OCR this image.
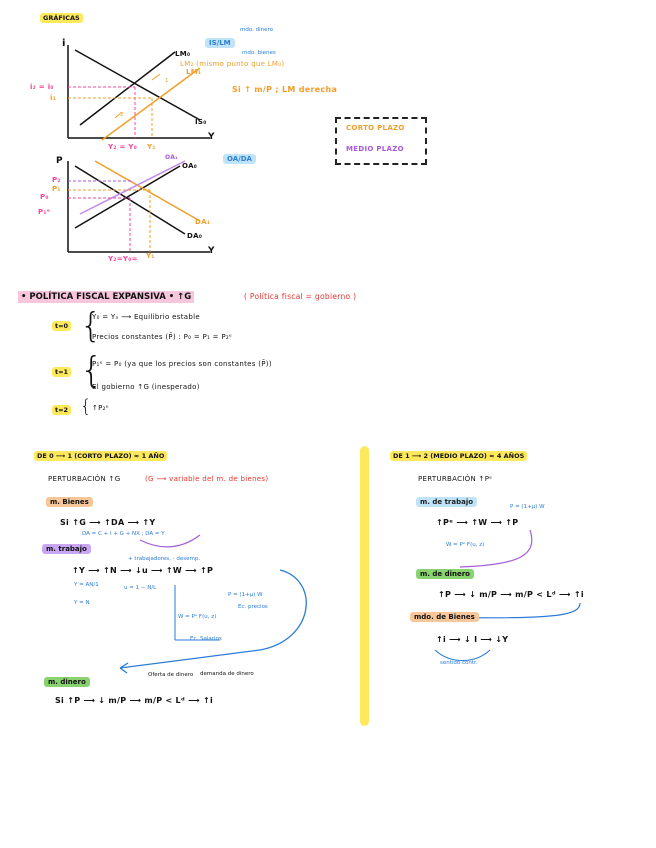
GRÁFICAS
i
Y
LM₀
LM₁
IS₀
i₂ = i₀
i₁
Y₂ = Y₀ Y₁
1
2
IS/LM
mdo. dinero
mdo. bienes
LM₂ (mismo punto que LM₀)
Si ↑ m/P ; LM derecha
CORTO PLAZO
MEDIO PLAZO
P
Y
OA₀
OA₁
DA₁
DA₀
P₂
P₁
P₀
P₁ᵉ
Y₂=Y₀= Y₁
OA/DA
• POLÍTICA FISCAL EXPANSIVA • ↑G	( Política fiscal = gobierno )
t=0 {
Y₀ = Yₙ ⟶ Equilibrio estable
Precios constantes (P̄) : P₀ = P₁ = P₂ᵉ
t=1 {
P₁ᵉ = P₀ (ya que los precios son constantes (P̄))
El gobierno ↑G (inesperado)
t=2 { ↑P₂ᵉ
DE 0 ⟶ 1 (CORTO PLAZO) ≈ 1 AÑO
PERTURBACIÓN ↑G	(G ⟶ variable del m. de bienes)
m. Bienes
Si ↑G ⟶ ↑DA ⟶ ↑Y
DA = C + I + G + NX ; DA = Y
m. trabajo
+ trabajadores, - desemp.
↑Y ⟶ ↑N ⟶ ↓u ⟶ ↑W ⟶ ↑P
Y = AN/1
Y = N
u = 1 − N/L
P = (1+μ) W
Ec. precios
W = Pᵉ F(u, z)
Ec. Salarios
m. dinero
Oferta de dinero demanda de dinero
Si ↑P ⟶ ↓ m/P ⟶ m/P < Lᵈ ⟶ ↑i
DE 1 ⟶ 2 (MEDIO PLAZO) ≈ 4 AÑOS
PERTURBACIÓN ↑Pᵉ
m. de trabajo
P = (1+μ) W
↑Pᵉ ⟶ ↑W ⟶ ↑P
W = Pᵉ F(u, z)
m. de dinero
↑P ⟶ ↓ m/P ⟶ m/P < Lᵈ ⟶ ↑i
mdo. de Bienes
↑i ⟶ ↓ I ⟶ ↓Y
sentido contr.
